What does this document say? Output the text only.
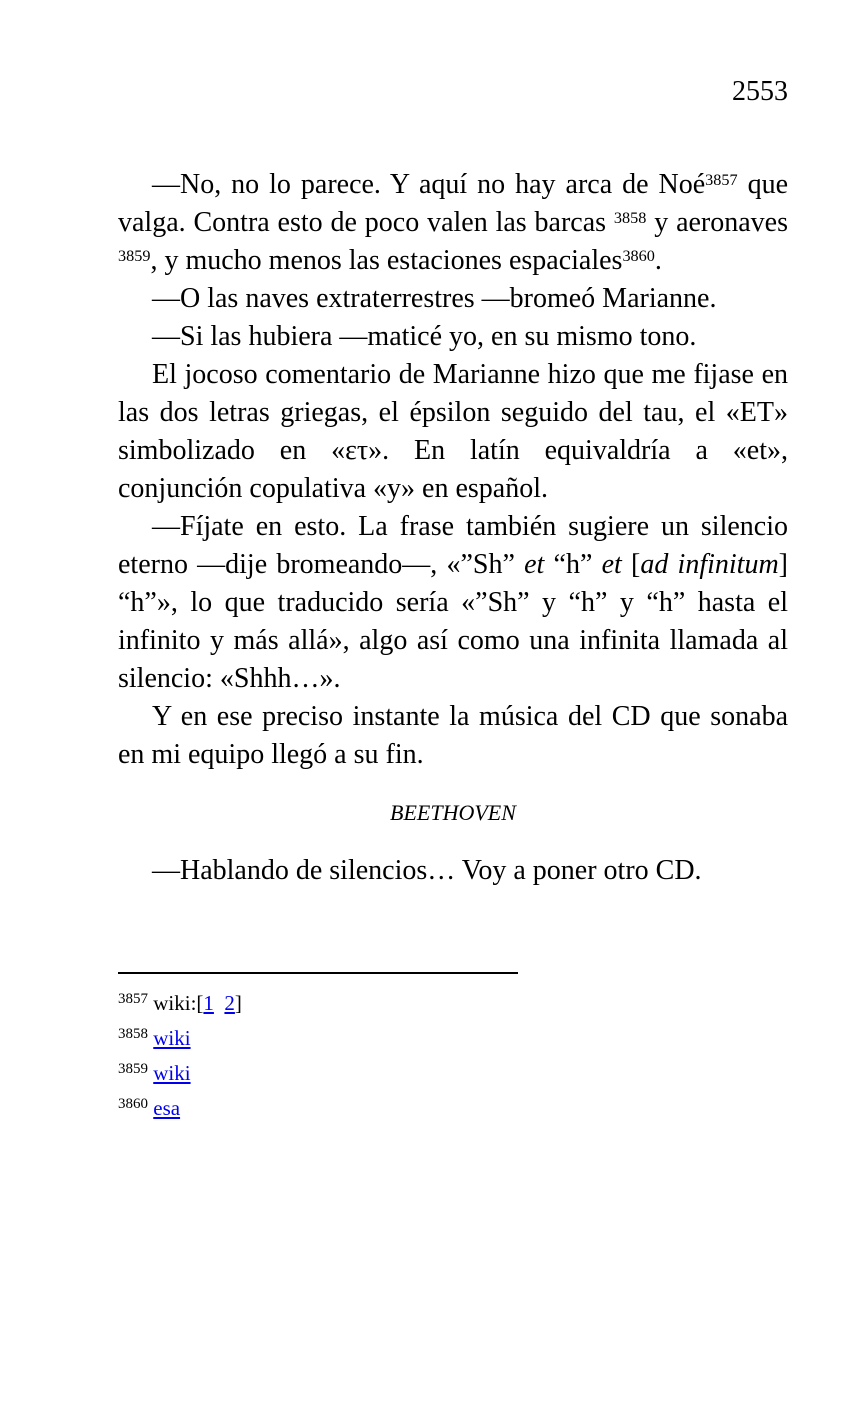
2553

—No, no lo parece. Y aquí no hay arca de Noé$^{3857}$ que valga. Contra esto de poco valen las barcas $^{3858}$ y aeronaves $^{3859}$, y mucho menos las estaciones espaciales$^{3860}$.

—O las naves extraterrestres —bromeó Marianne.

—Si las hubiera —maticé yo, en su mismo tono.

El jocoso comentario de Marianne hizo que me fijase en las dos letras griegas, el épsilon seguido del tau, el «ET» simbolizado en «ετ». En latín equivaldría a «et», conjunción copulativa «y» en español.

—Fíjate en esto. La frase también sugiere un silencio eterno —dije bromeando—, «”Sh” et “h” et [ad infinitum] “h”», lo que traducido sería «”Sh” y “h” y “h” hasta el infinito y más allá», algo así como una infinita llamada al silencio: «Shhh…».

Y en ese preciso instante la música del CD que sonaba en mi equipo llegó a su fin.

BEETHOVEN

—Hablando de silencios… Voy a poner otro CD.

$^{3857}$ wiki:[1 2]
$^{3858}$ wiki
$^{3859}$ wiki
$^{3860}$ esa
